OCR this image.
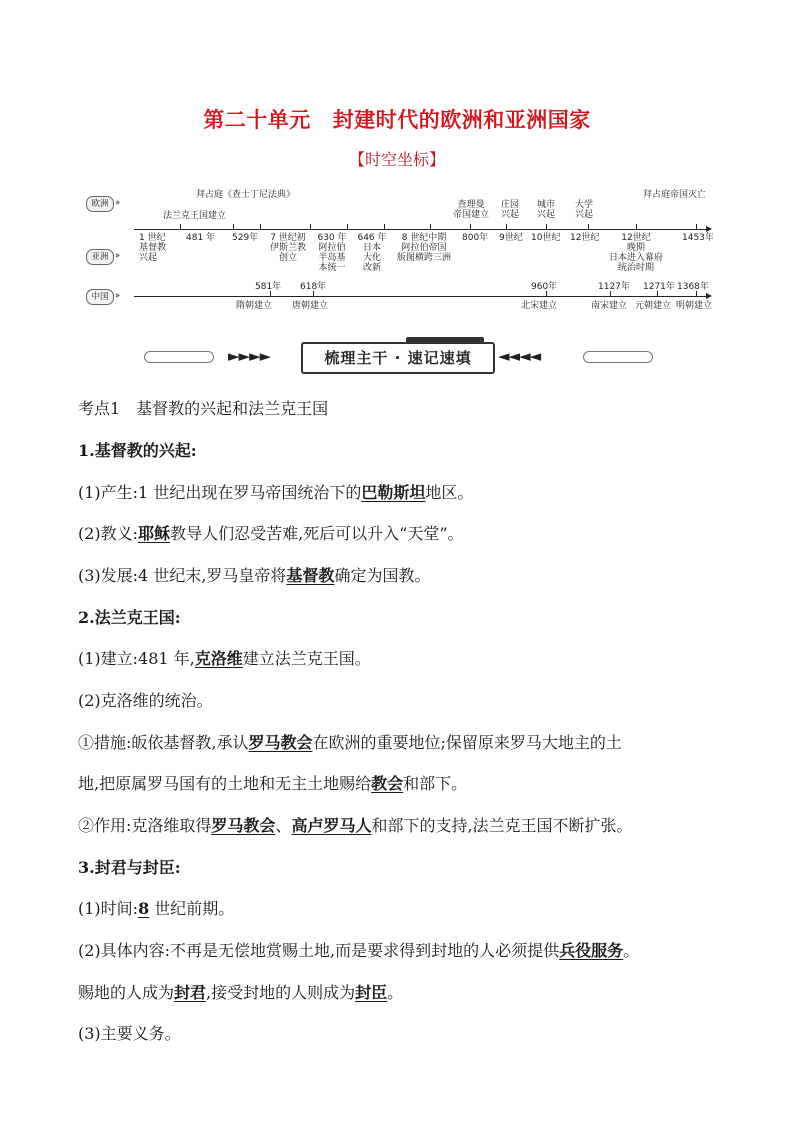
第二十单元 封建时代的欧洲和亚洲国家
【时空坐标】
欧洲 ››
亚洲 ››
中国 ››
拜占庭《查士丁尼法典》
法兰克王国建立
查理曼
帝国建立
庄园
兴起
城市
兴起
大学
兴起
拜占庭帝国灭亡
1 世纪
基督教
兴起
481 年 529年	7 世纪初
伊斯兰教
创立
630 年
阿拉伯
半岛基
本统一
646 年
日本
大化
改新
8 世纪中期
阿拉伯帝国
版图横跨三洲
800年 9世纪 10世纪 12世纪	12世纪
晚期
日本进入幕府
统治时期
1453年
581年
隋朝建立
618年
唐朝建立
960年
北宋建立
1127年
南宋建立
1271年
元朝建立
1368年
明朝建立
►►►►	梳理主干 · 速记速填	◄◄◄◄
考点1　基督教的兴起和法兰克王国
1.基督教的兴起:
(1)产生:1 世纪出现在罗马帝国统治下的巴勒斯坦地区。
(2)教义:耶稣教导人们忍受苦难,死后可以升入“天堂”。
(3)发展:4 世纪末,罗马皇帝将基督教确定为国教。
2.法兰克王国:
(1)建立:481 年,克洛维建立法兰克王国。
(2)克洛维的统治。
①措施:皈依基督教,承认罗马教会在欧洲的重要地位;保留原来罗马大地主的土
地,把原属罗马国有的土地和无主土地赐给教会和部下。
②作用:克洛维取得罗马教会、高卢罗马人和部下的支持,法兰克王国不断扩张。
3.封君与封臣:
(1)时间:8 世纪前期。
(2)具体内容:不再是无偿地赏赐土地,而是要求得到封地的人必须提供兵役服务。
赐地的人成为封君,接受封地的人则成为封臣。
(3)主要义务。
